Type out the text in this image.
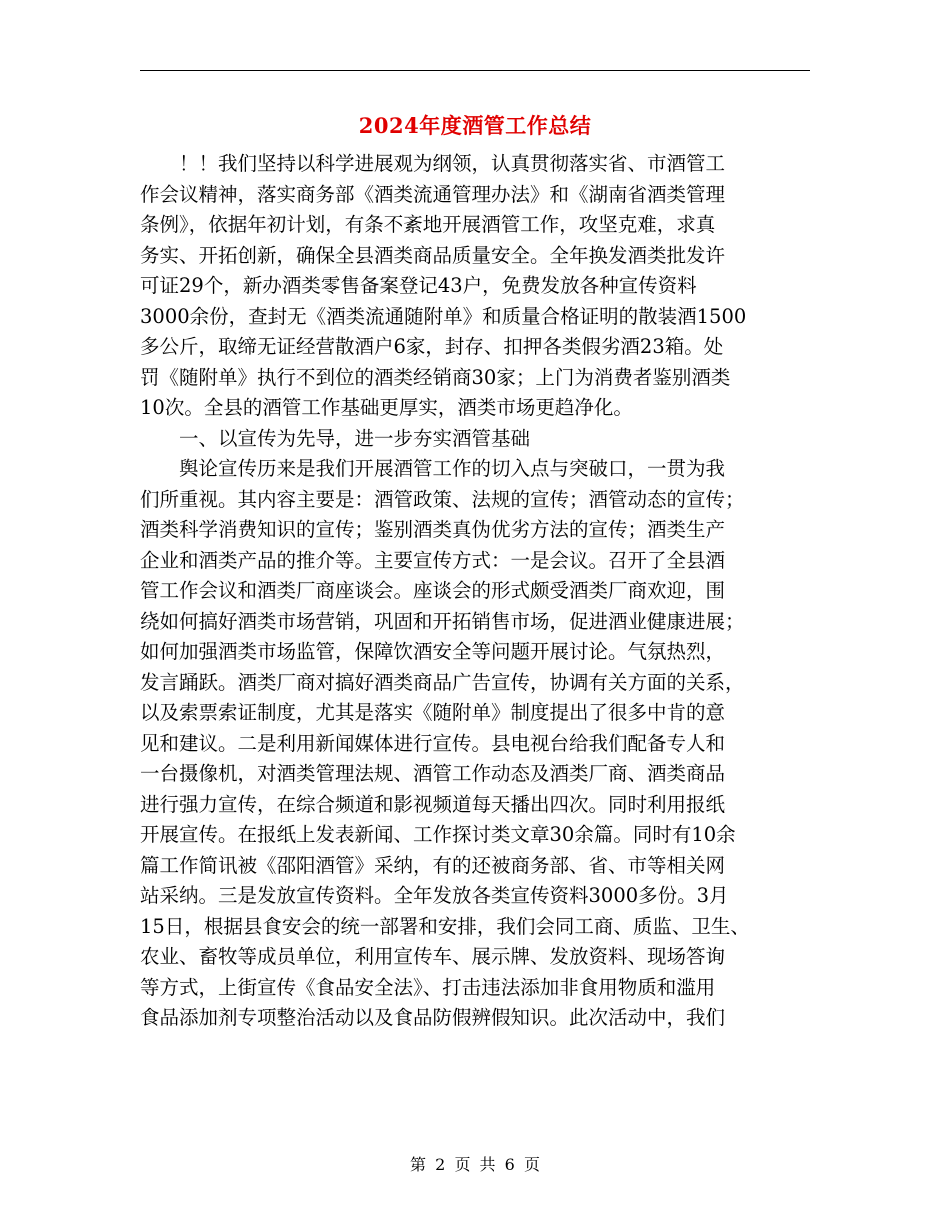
2024年度酒管工作总结
　　！！我们坚持以科学进展观为纲领，认真贯彻落实省、市酒管工
作会议精神，落实商务部《酒类流通管理办法》和《湖南省酒类管理
条例》，依据年初计划，有条不紊地开展酒管工作，攻坚克难，求真
务实、开拓创新，确保全县酒类商品质量安全。全年换发酒类批发许
可证29个，新办酒类零售备案登记43户，免费发放各种宣传资料
3000余份，查封无《酒类流通随附单》和质量合格证明的散装酒1500
多公斤，取缔无证经营散酒户6家，封存、扣押各类假劣酒23箱。处
罚《随附单》执行不到位的酒类经销商30家；上门为消费者鉴别酒类
10次。全县的酒管工作基础更厚实，酒类市场更趋净化。
　　一、以宣传为先导，进一步夯实酒管基础
　　舆论宣传历来是我们开展酒管工作的切入点与突破口，一贯为我
们所重视。其内容主要是：酒管政策、法规的宣传；酒管动态的宣传；
酒类科学消费知识的宣传；鉴别酒类真伪优劣方法的宣传；酒类生产
企业和酒类产品的推介等。主要宣传方式：一是会议。召开了全县酒
管工作会议和酒类厂商座谈会。座谈会的形式颇受酒类厂商欢迎，围
绕如何搞好酒类市场营销，巩固和开拓销售市场，促进酒业健康进展；
如何加强酒类市场监管，保障饮酒安全等问题开展讨论。气氛热烈，
发言踊跃。酒类厂商对搞好酒类商品广告宣传，协调有关方面的关系，
以及索票索证制度，尤其是落实《随附单》制度提出了很多中肯的意
见和建议。二是利用新闻媒体进行宣传。县电视台给我们配备专人和
一台摄像机，对酒类管理法规、酒管工作动态及酒类厂商、酒类商品
进行强力宣传，在综合频道和影视频道每天播出四次。同时利用报纸
开展宣传。在报纸上发表新闻、工作探讨类文章30余篇。同时有10余
篇工作简讯被《邵阳酒管》采纳，有的还被商务部、省、市等相关网
站采纳。三是发放宣传资料。全年发放各类宣传资料3000多份。3月
15日，根据县食安会的统一部署和安排，我们会同工商、质监、卫生、
农业、畜牧等成员单位，利用宣传车、展示牌、发放资料、现场答询
等方式，上街宣传《食品安全法》、打击违法添加非食用物质和滥用
食品添加剂专项整治活动以及食品防假辨假知识。此次活动中，我们
第 2 页 共 6 页
